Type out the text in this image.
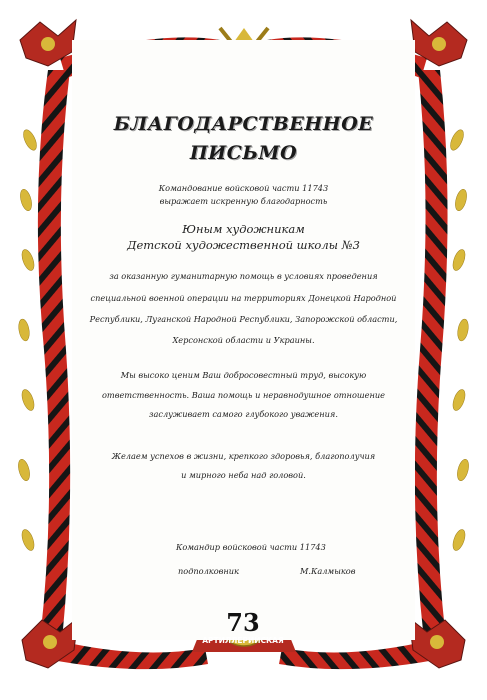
БЛАГОДАРСТВЕННОЕ
ПИСЬМО
Командование войсковой части 11743
выражает искренную благодарность
Юным художникам
Детской художественной школы №3
за оказанную гуманитарную помощь в условиях проведения
специальной военной операции на территориях Донецкой Народной
Республики, Луганской Народной Республики, Запорожской области,
Херсонской области и Украины.
Мы высоко ценим Ваш добросовестный труд, высокую
ответственность. Ваша помощь и неравнодушное отношение
заслуживает самого глубокого уважения.
Желаем успехов в жизни, крепкого здоровья, благополучия
и мирного неба над головой.
Командир войсковой части 11743
подполковник	М.Калмыков
73
АРТИЛЛЕРИЙСКАЯ
